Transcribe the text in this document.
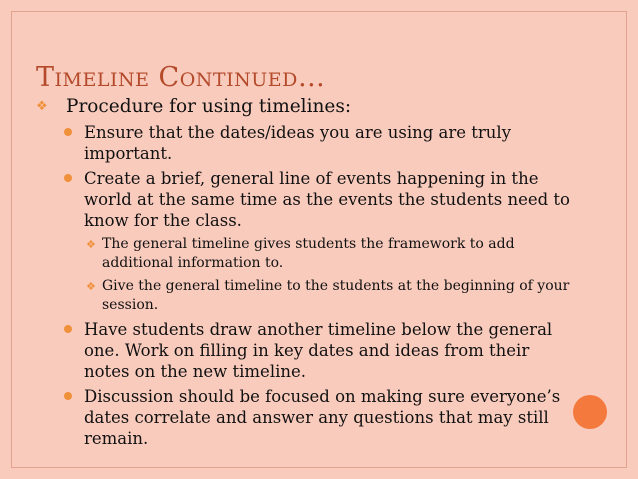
Timeline Continued…

❖ Procedure for using timelines:

Ensure that the dates/ideas you are using are truly important.

Create a brief, general line of events happening in the world at the same time as the events the students need to know for the class.

❖ The general timeline gives students the framework to add additional information to.

❖ Give the general timeline to the students at the beginning of your session.

Have students draw another timeline below the general one. Work on filling in key dates and ideas from their notes on the new timeline.

Discussion should be focused on making sure everyone’s dates correlate and answer any questions that may still remain.
